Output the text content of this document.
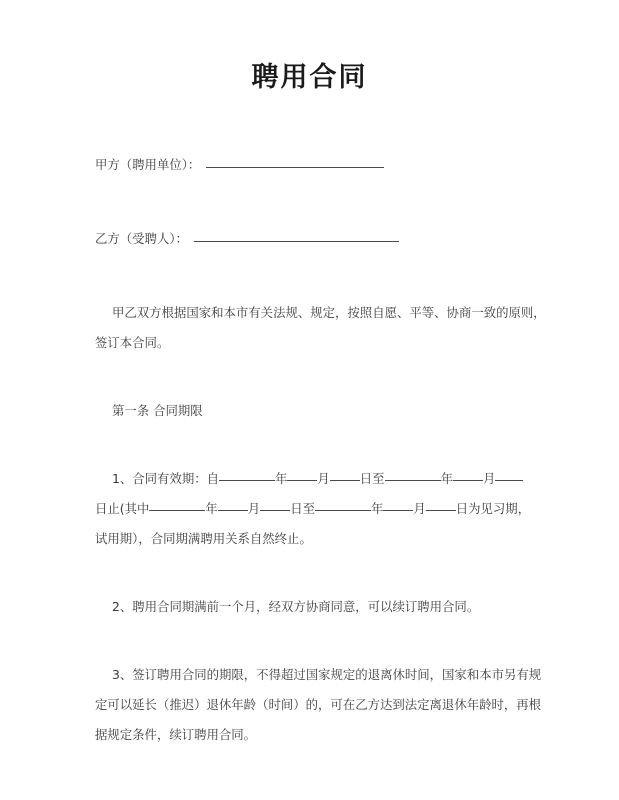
聘用合同
甲方（聘用单位）：
乙方（受聘人）：

甲乙双方根据国家和本市有关法规、规定，按照自愿、平等、协商一致的原则，

签订本合同。

第一条 合同期限

1、合同有效期：自	年 月 日至	年 月

日止(其中	年 月 日至	年 月 日为见习期，

试用期），合同期满聘用关系自然终止。

2、聘用合同期满前一个月，经双方协商同意，可以续订聘用合同。

3、签订聘用合同的期限，不得超过国家规定的退离休时间，国家和本市另有规

定可以延长（推迟）退休年龄（时间）的，可在乙方达到法定离退休年龄时，再根

据规定条件，续订聘用合同。
